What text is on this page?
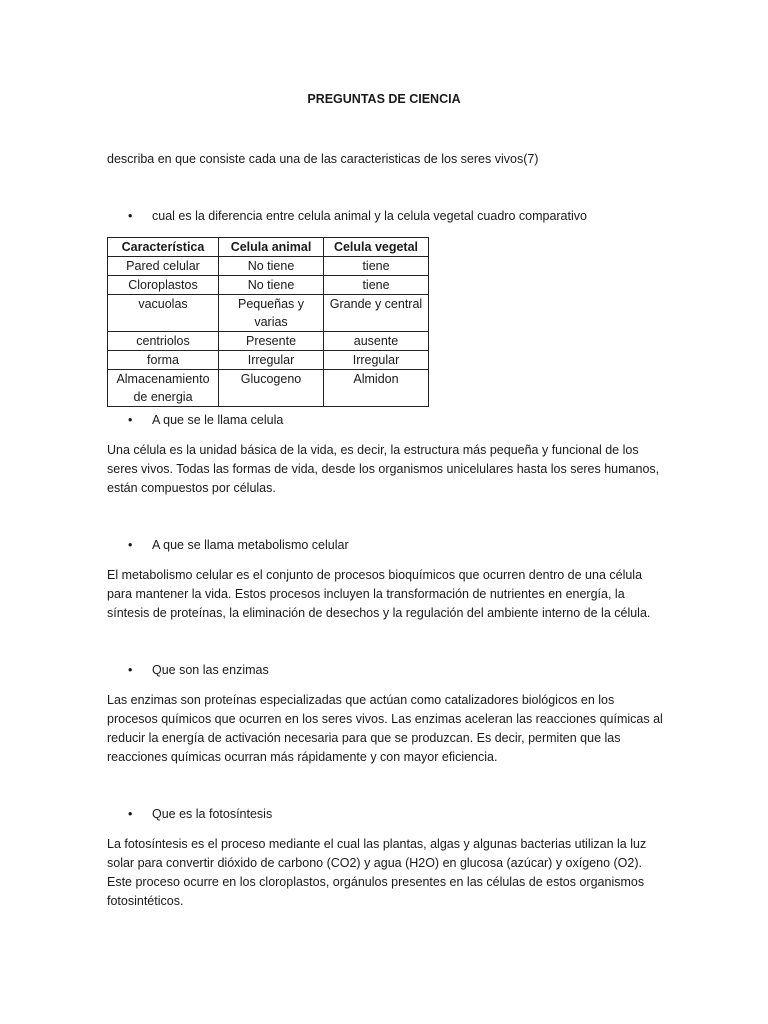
PREGUNTAS DE CIENCIA

describa en que consiste cada una de las caracteristicas de los seres vivos(7)

• cual es la diferencia entre celula animal y la celula vegetal cuadro comparativo
Característica	Celula animal	Celula vegetal
Pared celular	No tiene	tiene
Cloroplastos	No tiene	tiene
vacuolas	Pequeñas y varias	Grande y central
centriolos	Presente	ausente
forma	Irregular	Irregular
Almacenamiento de energia	Glucogeno	Almidon
• A que se le llama celula

Una célula es la unidad básica de la vida, es decir, la estructura más pequeña y funcional de los seres vivos. Todas las formas de vida, desde los organismos unicelulares hasta los seres humanos, están compuestos por células.

• A que se llama metabolismo celular

El metabolismo celular es el conjunto de procesos bioquímicos que ocurren dentro de una célula para mantener la vida. Estos procesos incluyen la transformación de nutrientes en energía, la síntesis de proteínas, la eliminación de desechos y la regulación del ambiente interno de la célula.

• Que son las enzimas

Las enzimas son proteínas especializadas que actúan como catalizadores biológicos en los procesos químicos que ocurren en los seres vivos. Las enzimas aceleran las reacciones químicas al reducir la energía de activación necesaria para que se produzcan. Es decir, permiten que las reacciones químicas ocurran más rápidamente y con mayor eficiencia.

• Que es la fotosíntesis

La fotosíntesis es el proceso mediante el cual las plantas, algas y algunas bacterias utilizan la luz solar para convertir dióxido de carbono (CO2) y agua (H2O) en glucosa (azúcar) y oxígeno (O2). Este proceso ocurre en los cloroplastos, orgánulos presentes en las células de estos organismos fotosintéticos.
